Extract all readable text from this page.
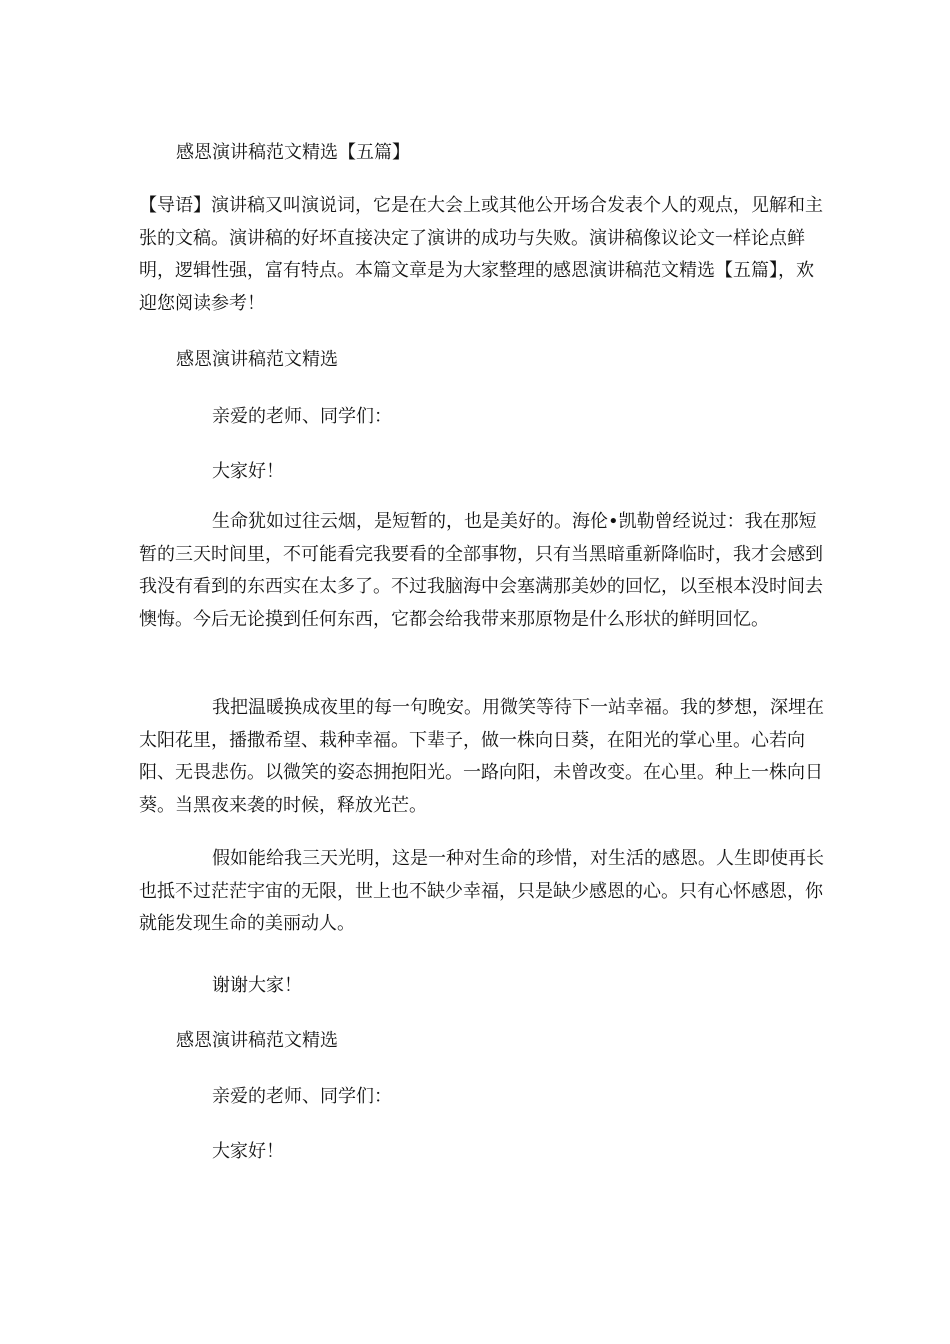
感恩演讲稿范文精选【五篇】

【导语】演讲稿又叫演说词，它是在大会上或其他公开场合发表个人的观点，见解和主张的文稿。演讲稿的好坏直接决定了演讲的成功与失败。演讲稿像议论文一样论点鲜明，逻辑性强，富有特点。本篇文章是为大家整理的感恩演讲稿范文精选【五篇】，欢迎您阅读参考！

感恩演讲稿范文精选

亲爱的老师、同学们：

大家好！

生命犹如过往云烟，是短暂的，也是美好的。海伦•凯勒曾经说过：我在那短暂的三天时间里，不可能看完我要看的全部事物，只有当黑暗重新降临时，我才会感到我没有看到的东西实在太多了。不过我脑海中会塞满那美妙的回忆，以至根本没时间去懊悔。今后无论摸到任何东西，它都会给我带来那原物是什么形状的鲜明回忆。

我把温暖换成夜里的每一句晚安。用微笑等待下一站幸福。我的梦想，深埋在太阳花里，播撒希望、栽种幸福。下辈子，做一株向日葵，在阳光的掌心里。心若向阳、无畏悲伤。以微笑的姿态拥抱阳光。一路向阳，未曾改变。在心里。种上一株向日葵。当黑夜来袭的时候，释放光芒。

假如能给我三天光明，这是一种对生命的珍惜，对生活的感恩。人生即使再长也抵不过茫茫宇宙的无限，世上也不缺少幸福，只是缺少感恩的心。只有心怀感恩，你就能发现生命的美丽动人。

谢谢大家！

感恩演讲稿范文精选

亲爱的老师、同学们：

大家好！
